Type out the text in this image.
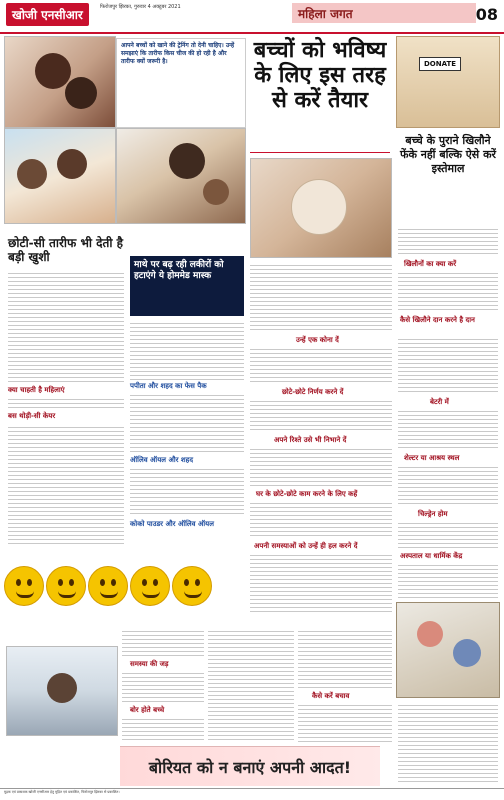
खोजी एनसीआर
फिरोजपुर झिरका, गुरुवार 4 अक्टूबर 2021	महिला जगत	08
आपने बच्चों को खाने की ट्रेनिंग तो देनी चाहिए। उन्हें समझाएं कि तारीफ किस चीज की हो रही है और तारीफ क्यों जरूरी है।	बच्चों को भविष्य के लिए इस तरह से करें तैयार
छोटी-सी तारीफ भी देती है बड़ी खुशी
क्या चाहती है महिलाएं
बस थोड़ी-सी केयर
माथे पर बढ़ रही लकीरों को हटाएंगे ये होममेड मास्क
पपीता और शहद का फेस पैक
ऑलिव ऑयल और शहद
कोको पाउडर और ऑलिव ऑयल
उन्हें एक कोना दें
छोटे-छोटे निर्णय करने दें
अपने रिश्ते उसे भी निभाने दें
घर के छोटे-छोटे काम करने के लिए कहें
अपनी समस्याओं को उन्हें ही हल करने दें
समस्या की जड़
बोर होते बच्चे
कैसे करें बचाव
बोरियत को न बनाएं अपनी आदत!
DONATE
बच्चे के पुराने खिलौने फेंके नहीं बल्कि ऐसे करें इस्तेमाल
खिलौनों का क्या करें
कैसे खिलौने दान करने है दान
बेटरी में
शेल्टर या आश्रय स्थल
चिल्ड्रेन होम
अस्पताल या धार्मिक केंद्र
मुद्रक एवं प्रकाशक खोजी एनसीआर हेतु मुद्रित एवं प्रकाशित, फिरोजपुर झिरका से प्रकाशित।
